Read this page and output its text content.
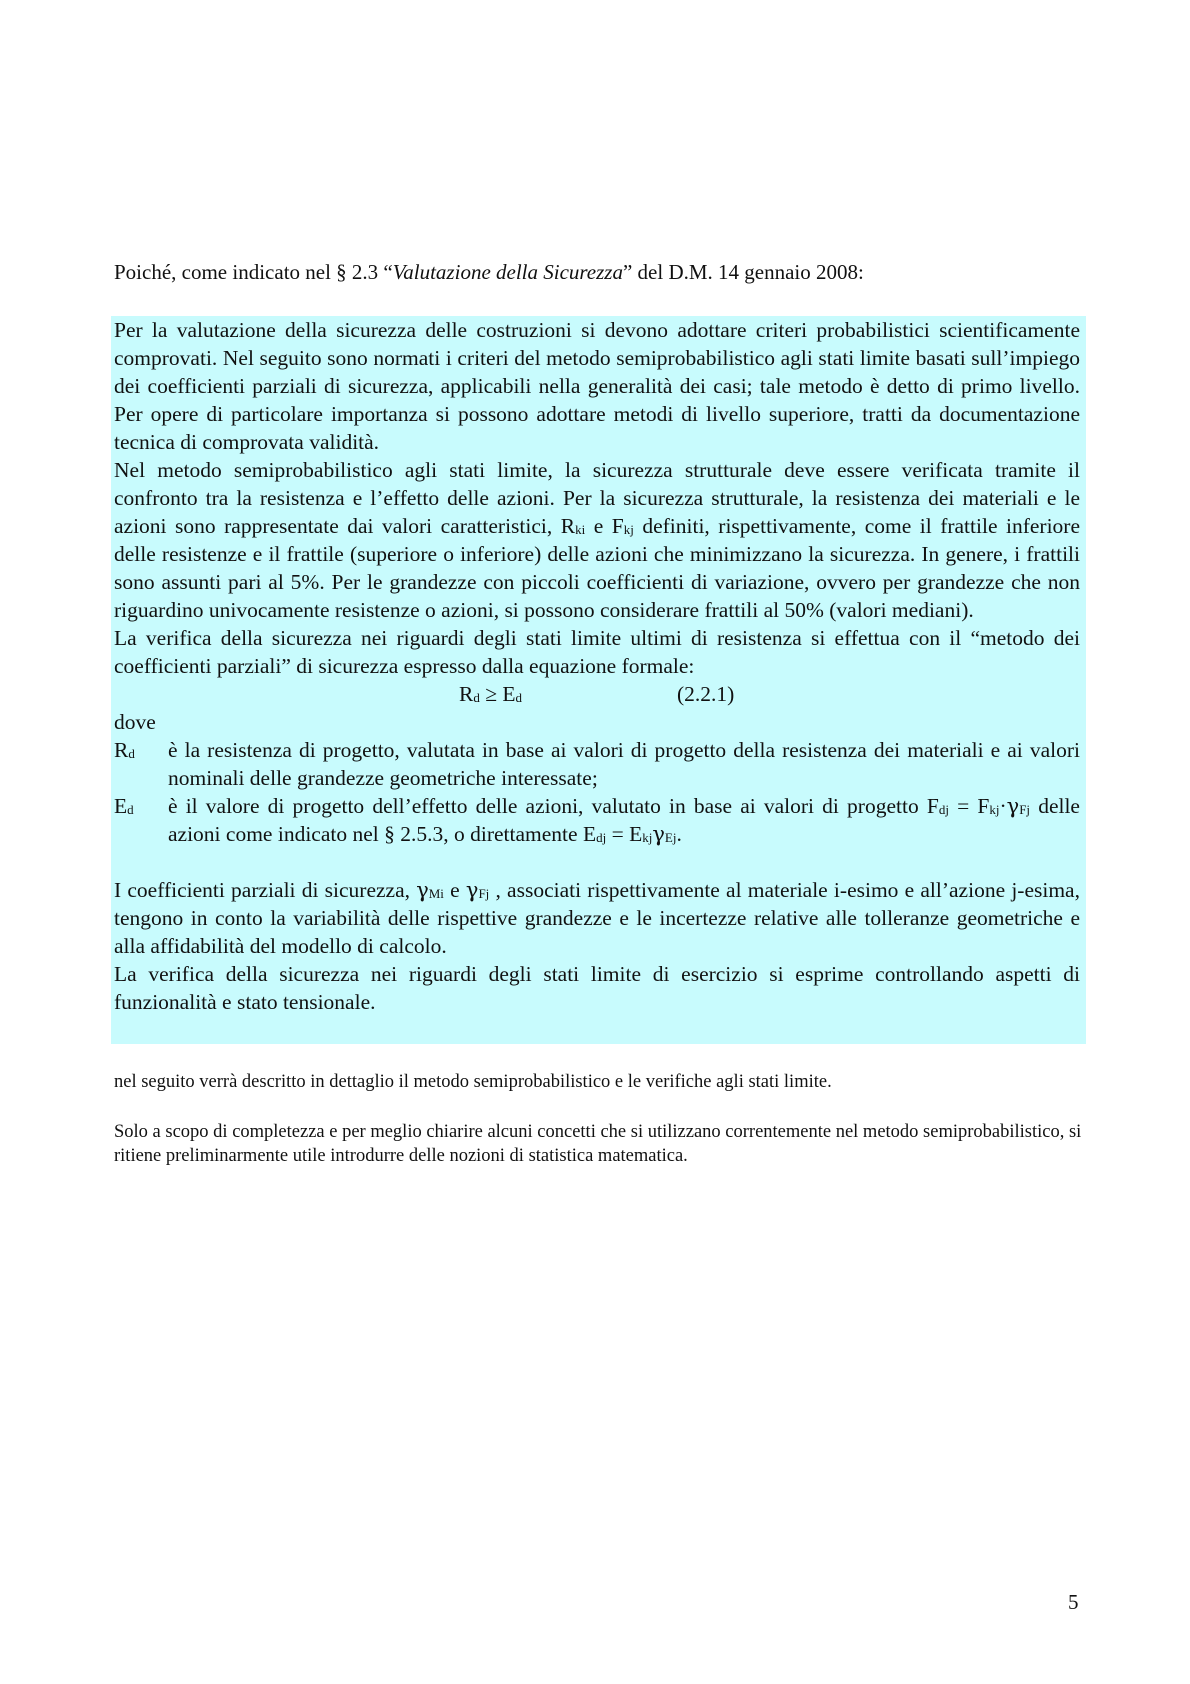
Poiché, come indicato nel § 2.3 “Valutazione della Sicurezza” del D.M. 14 gennaio 2008:

Per la valutazione della sicurezza delle costruzioni si devono adottare criteri probabilistici scientificamente comprovati. Nel seguito sono normati i criteri del metodo semiprobabilistico agli stati limite basati sull’impiego dei coefficienti parziali di sicurezza, applicabili nella generalità dei casi; tale metodo è detto di primo livello. Per opere di particolare importanza si possono adottare metodi di livello superiore, tratti da documentazione tecnica di comprovata validità.

Nel metodo semiprobabilistico agli stati limite, la sicurezza strutturale deve essere verificata tramite il confronto tra la resistenza e l’effetto delle azioni. Per la sicurezza strutturale, la resistenza dei materiali e le azioni sono rappresentate dai valori caratteristici, $R_{ki}$ e $F_{kj}$ definiti, rispettivamente, come il frattile inferiore delle resistenze e il frattile (superiore o inferiore) delle azioni che minimizzano la sicurezza. In genere, i frattili sono assunti pari al 5%. Per le grandezze con piccoli coefficienti di variazione, ovvero per grandezze che non riguardino univocamente resistenze o azioni, si possono considerare frattili al 50% (valori mediani).

La verifica della sicurezza nei riguardi degli stati limite ultimi di resistenza si effettua con il “metodo dei coefficienti parziali” di sicurezza espresso dalla equazione formale:

$R_d \ge E_d$	(2.2.1)

dove

$R_d$	è la resistenza di progetto, valutata in base ai valori di progetto della resistenza dei materiali e ai valori nominali delle grandezze geometriche interessate;
$E_d$	è il valore di progetto dell’effetto delle azioni, valutato in base ai valori di progetto $F_{dj} = F_{kj}\cdot\gamma_{Fj}$ delle azioni come indicato nel § 2.5.3, o direttamente $E_{dj} = E_{kj}\gamma_{Ej}$.

I coefficienti parziali di sicurezza, $\gamma_{Mi}$ e $\gamma_{Fj}$ , associati rispettivamente al materiale i-esimo e all’azione j-esima, tengono in conto la variabilità delle rispettive grandezze e le incertezze relative alle tolleranze geometriche e alla affidabilità del modello di calcolo.

La verifica della sicurezza nei riguardi degli stati limite di esercizio si esprime controllando aspetti di funzionalità e stato tensionale.

nel seguito verrà descritto in dettaglio il metodo semiprobabilistico e le verifiche agli stati limite.
Solo a scopo di completezza e per meglio chiarire alcuni concetti che si utilizzano correntemente nel metodo semiprobabilistico, si ritiene preliminarmente utile introdurre delle nozioni di statistica matematica.
5
